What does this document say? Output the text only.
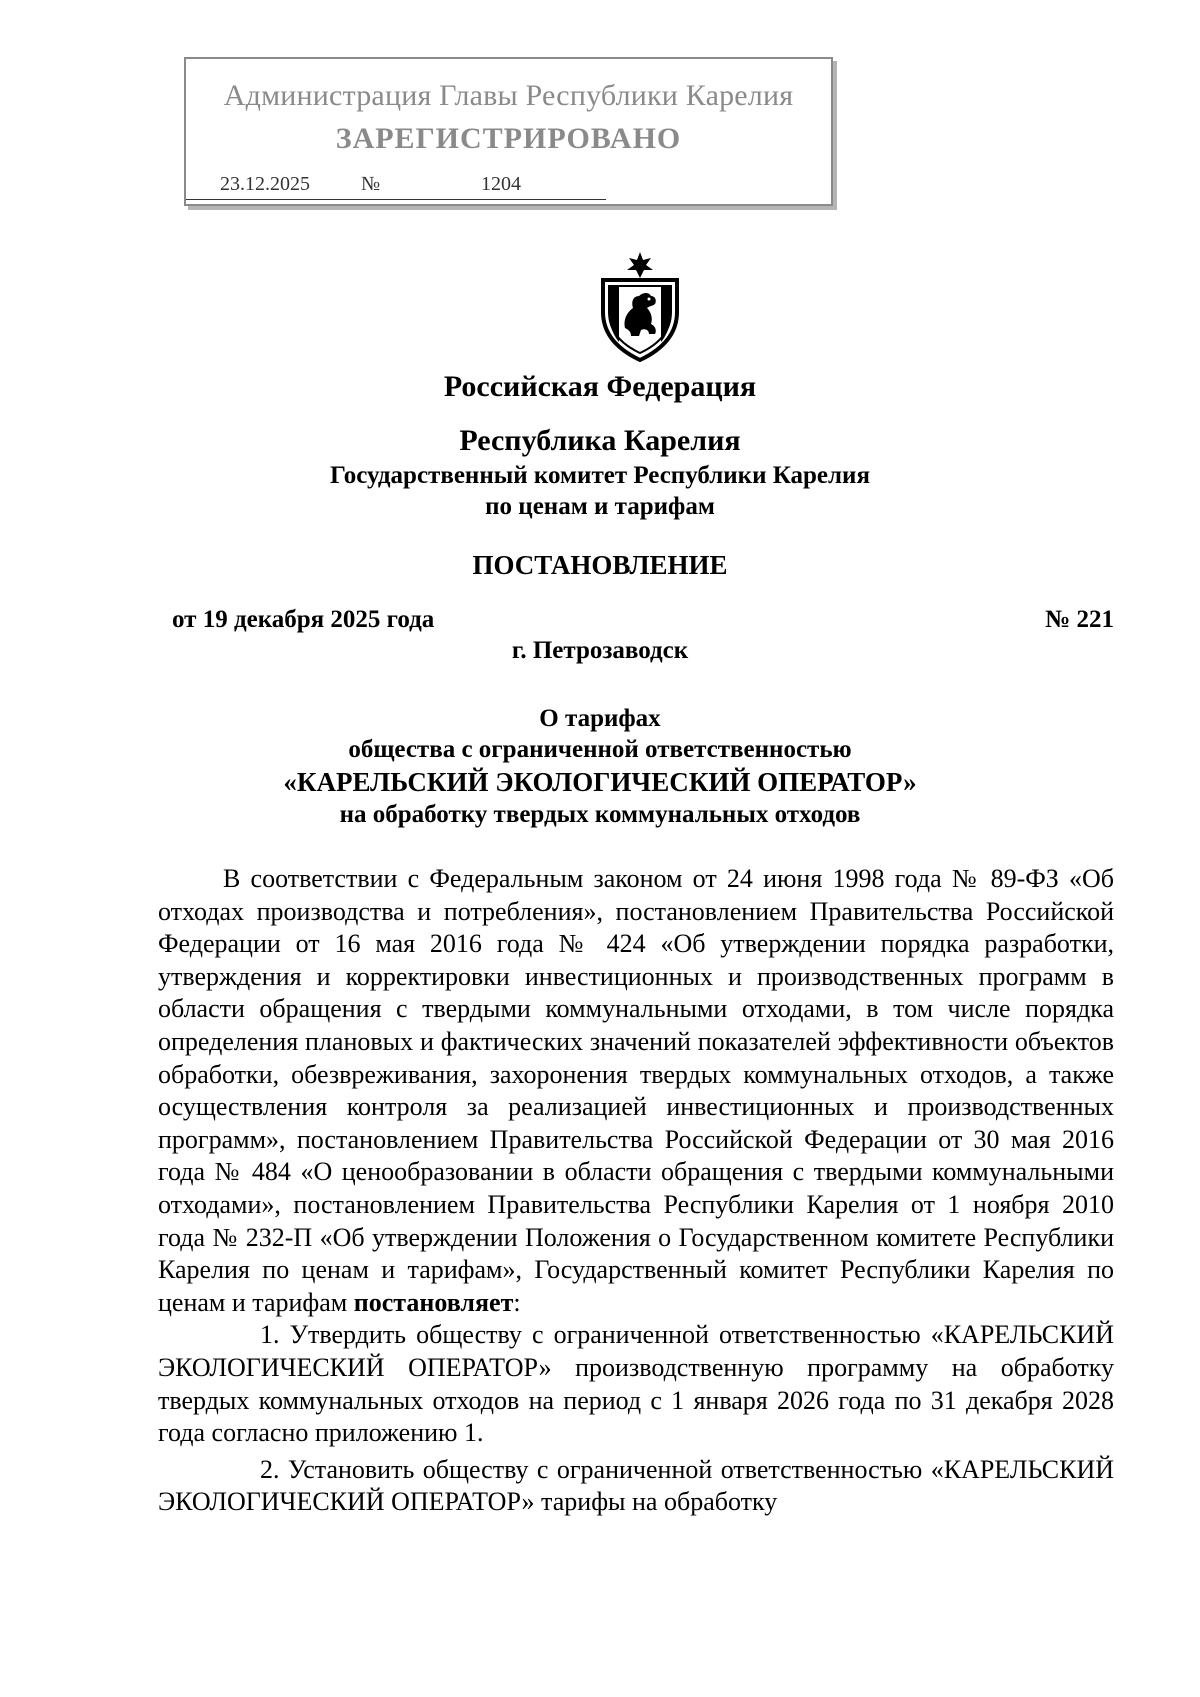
Администрация Главы Республики Карелия
ЗАРЕГИСТРИРОВАНО
23.12.2025	№	1204
Российская Федерация
Республика Карелия
Государственный комитет Республики Карелия
по ценам и тарифам
ПОСТАНОВЛЕНИЕ
от 19 декабря 2025 года	№ 221
г. Петрозаводск
О тарифах
общества с ограниченной ответственностью
«КАРЕЛЬСКИЙ ЭКОЛОГИЧЕСКИЙ ОПЕРАТОР»
на обработку твердых коммунальных отходов

В соответствии с Федеральным законом от 24 июня 1998 года № 89-ФЗ «Об отходах производства и потребления», постановлением Правительства Российской Федерации от 16 мая 2016 года № 424 «Об утверждении порядка разработки, утверждения и корректировки инвестиционных и производственных программ в области обращения с твердыми коммунальными отходами, в том числе порядка определения плановых и фактических значений показателей эффективности объектов обработки, обезвреживания, захоронения твердых коммунальных отходов, а также осуществления контроля за реализацией инвестиционных и производственных программ», постановлением Правительства Российской Федерации от 30 мая 2016 года № 484 «О ценообразовании в области обращения с твердыми коммунальными отходами», постановлением Правительства Республики Карелия от 1 ноября 2010 года № 232-П «Об утверждении Положения о Государственном комитете Республики Карелия по ценам и тарифам», Государственный комитет Республики Карелия по ценам и тарифам постановляет:

1. Утвердить обществу с ограниченной ответственностью «КАРЕЛЬСКИЙ ЭКОЛОГИЧЕСКИЙ ОПЕРАТОР» производственную программу на обработку твердых коммунальных отходов на период с 1 января 2026 года по 31 декабря 2028 года согласно приложению 1.

2. Установить обществу с ограниченной ответственностью «КАРЕЛЬСКИЙ ЭКОЛОГИЧЕСКИЙ ОПЕРАТОР» тарифы на обработку
